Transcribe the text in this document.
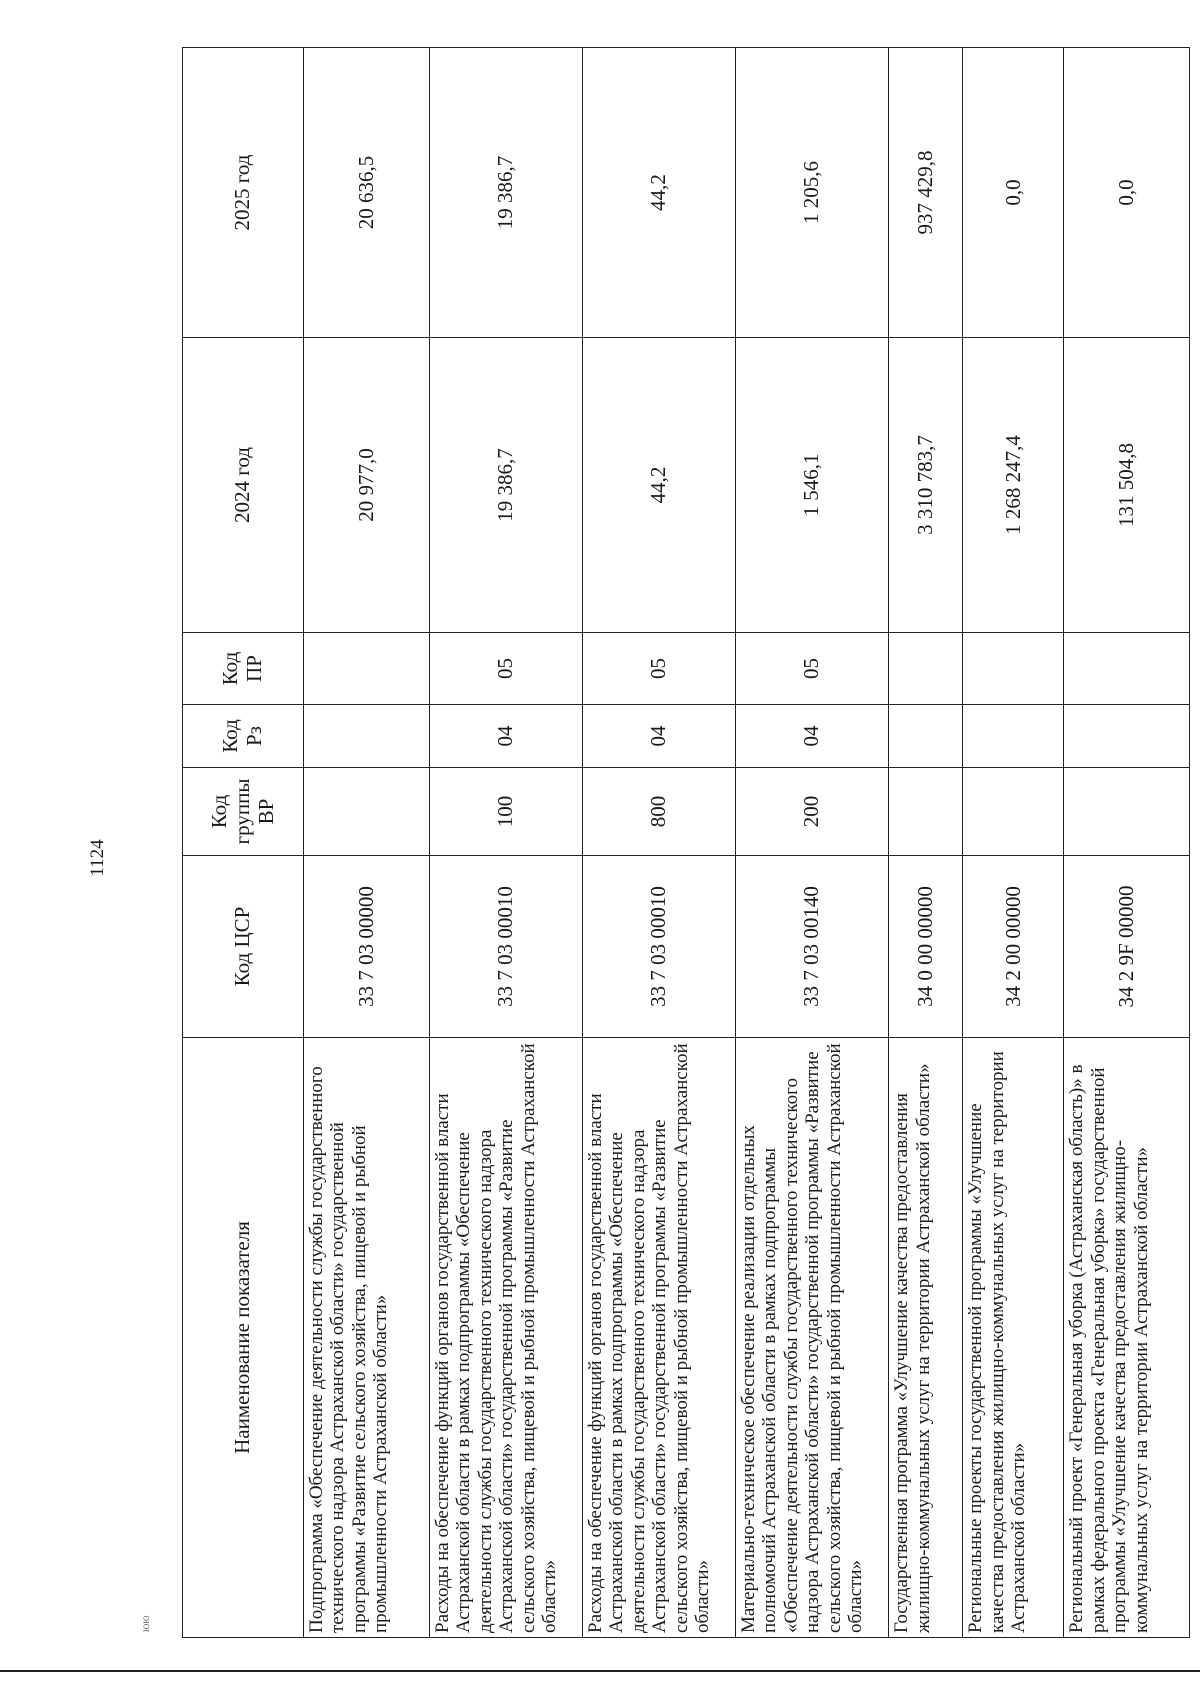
1124
ЮЮ
Наименование показателя	Код ЦСР	Код группы ВР	Код Рз	Код ПР	2024 год	2025 год
Подпрограмма «Обеспечение деятельности службы государственного технического надзора Астраханской области» государственной программы «Развитие сельского хозяйства, пищевой и рыбной промышленности Астраханской области»	33 7 03 00000				20 977,0	20 636,5
Расходы на обеспечение функций органов государственной власти Астраханской области в рамках подпрограммы «Обеспечение деятельности службы государственного технического надзора Астраханской области» государственной программы «Развитие сельского хозяйства, пищевой и рыбной промышленности Астраханской области»	33 7 03 00010	100	04	05	19 386,7	19 386,7
Расходы на обеспечение функций органов государственной власти Астраханской области в рамках подпрограммы «Обеспечение деятельности службы государственного технического надзора Астраханской области» государственной программы «Развитие сельского хозяйства, пищевой и рыбной промышленности Астраханской области»	33 7 03 00010	800	04	05	44,2	44,2
Материально-техническое обеспечение реализации отдельных полномочий Астраханской области в рамках подпрограммы «Обеспечение деятельности службы государственного технического надзора Астраханской области» государственной программы «Развитие сельского хозяйства, пищевой и рыбной промышленности Астраханской области»	33 7 03 00140	200	04	05	1 546,1	1 205,6
Государственная программа «Улучшение качества предоставления жилищно-коммунальных услуг на территории Астраханской области»	34 0 00 00000				3 310 783,7	937 429,8
Региональные проекты государственной программы «Улучшение качества предоставления жилищно-коммунальных услуг на территории Астраханской области»	34 2 00 00000				1 268 247,4	0,0
Региональный проект «Генеральная уборка (Астраханская область)» в рамках федерального проекта «Генеральная уборка» государственной программы «Улучшение качества предоставления жилищно-коммунальных услуг на территории Астраханской области»	34 2 9F 00000				131 504,8	0,0
